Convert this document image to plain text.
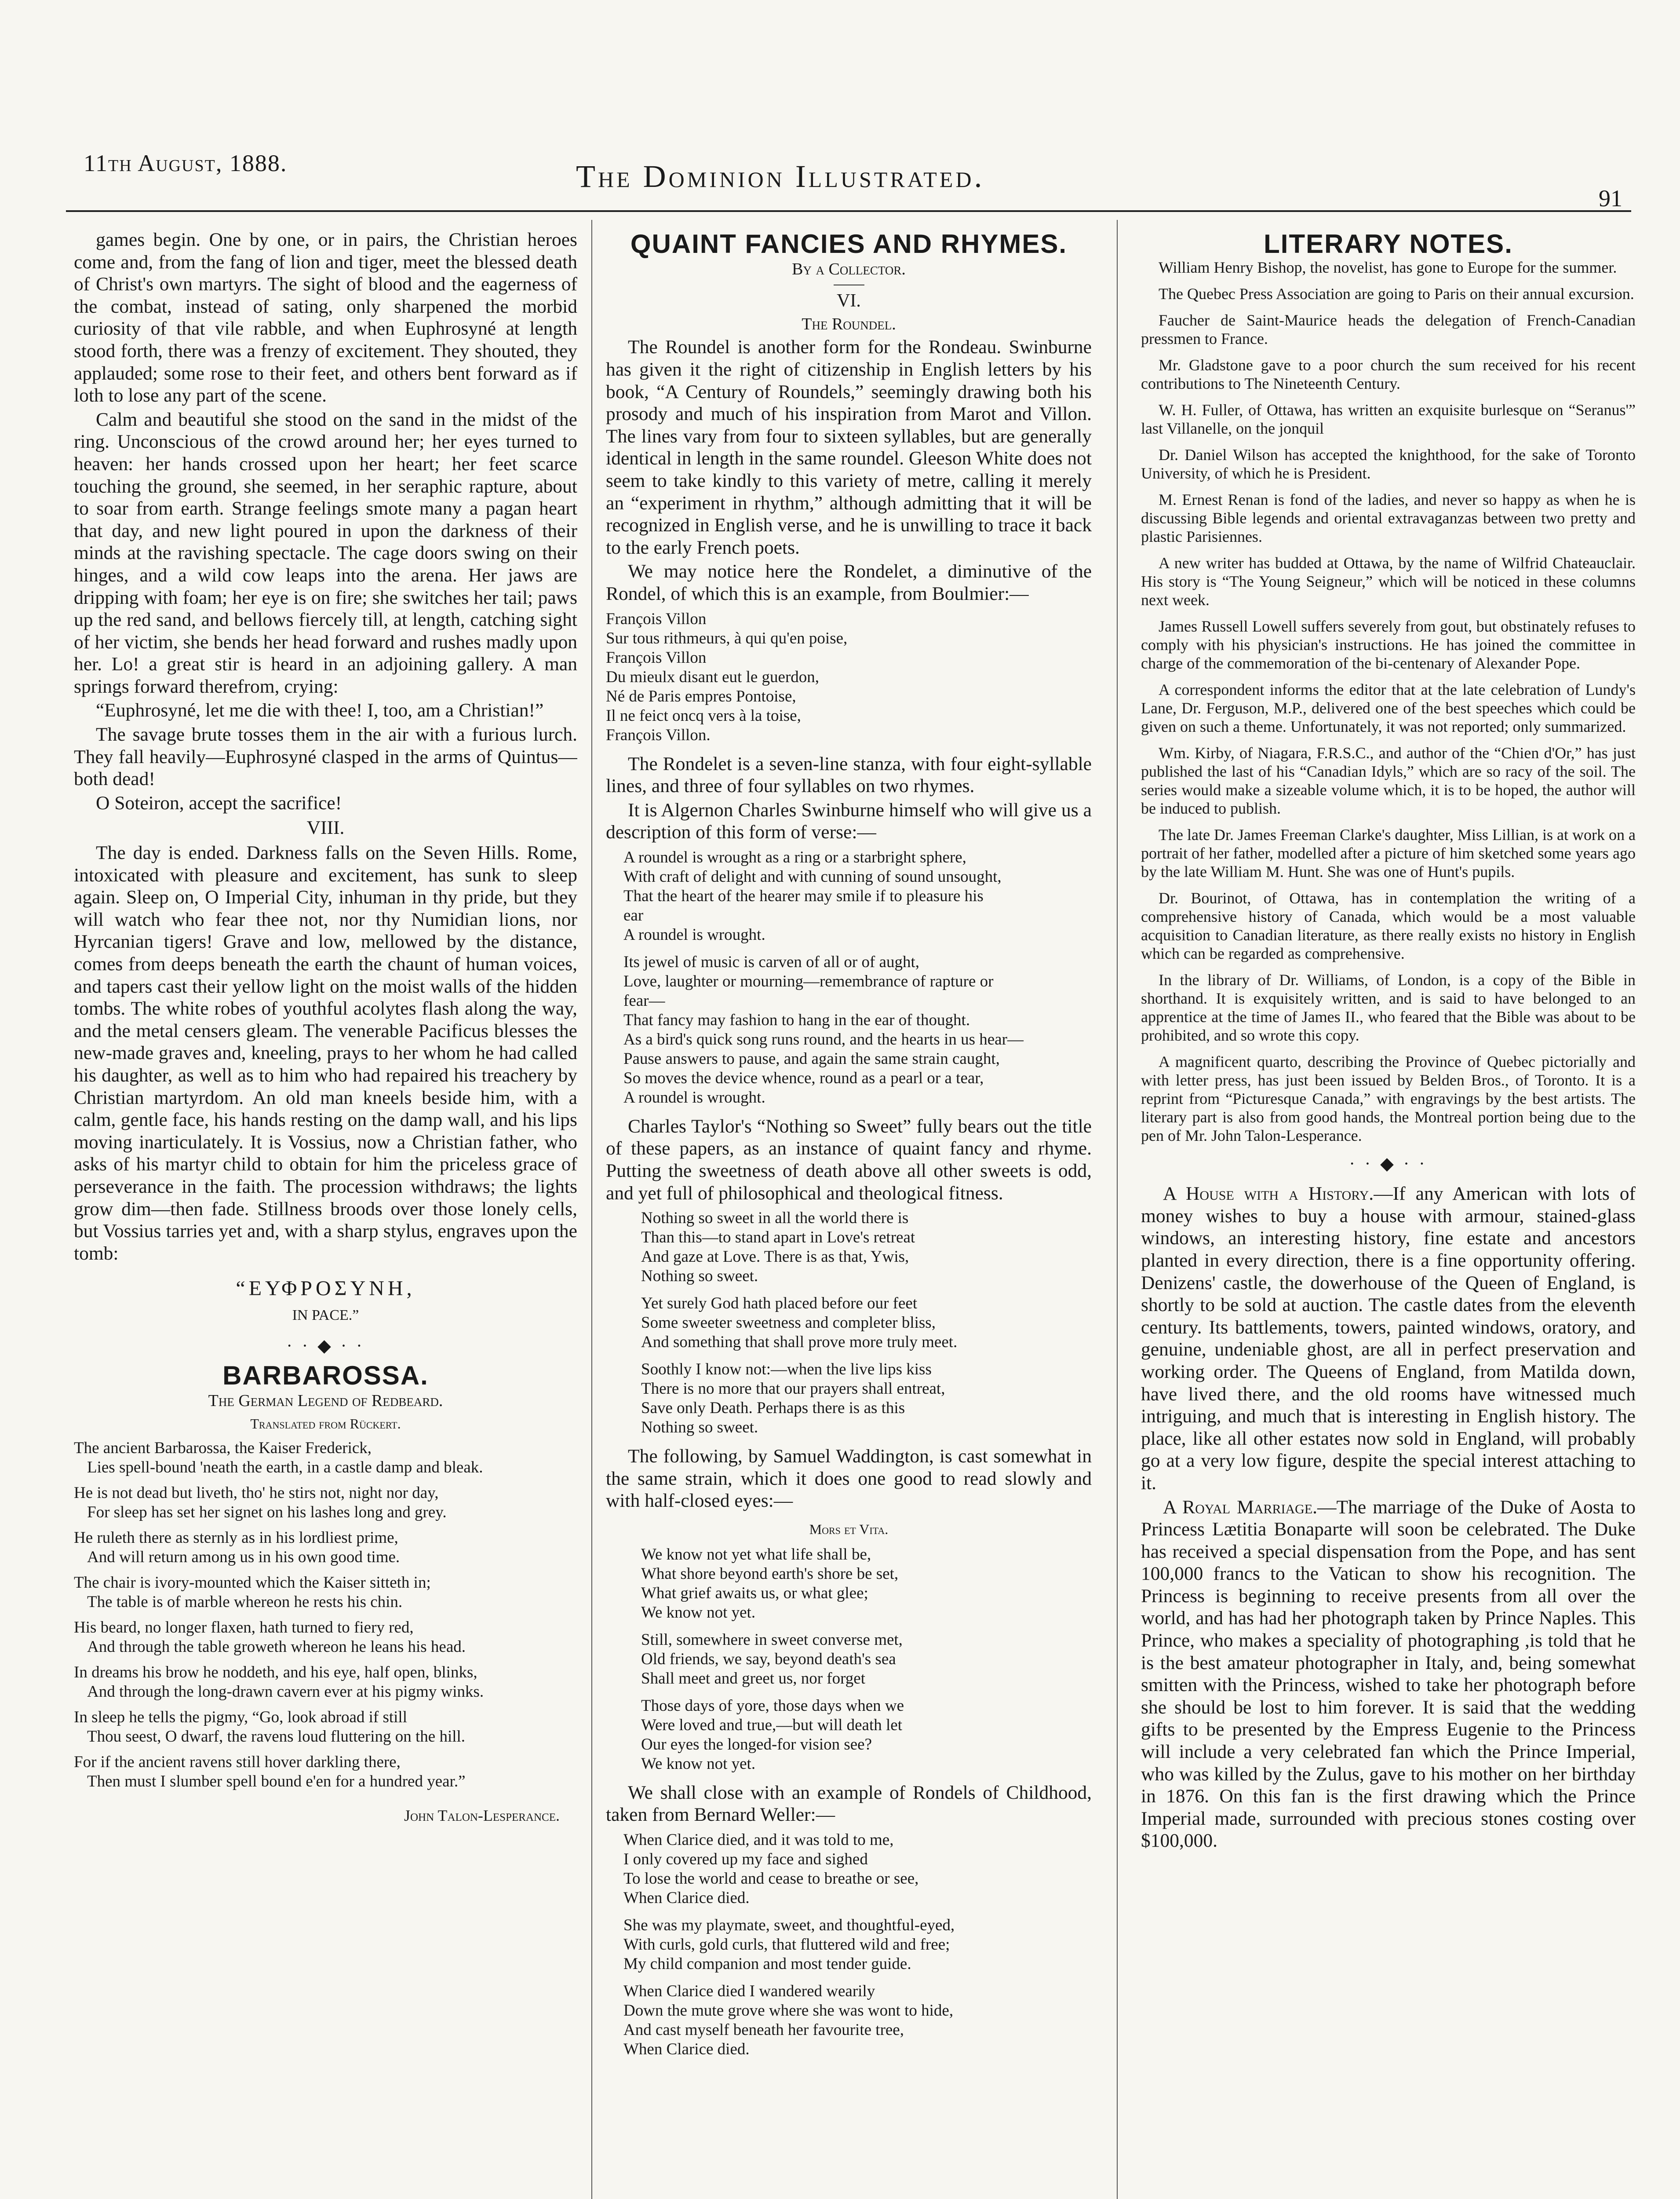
11th August, 1888.	The Dominion Illustrated.
91

games begin. One by one, or in pairs, the Christian heroes come and, from the fang of lion and tiger, meet the blessed death of Christ's own martyrs. The sight of blood and the eagerness of the combat, instead of sating, only sharpened the morbid curiosity of that vile rabble, and when Euphrosyné at length stood forth, there was a frenzy of excitement. They shouted, they applauded; some rose to their feet, and others bent forward as if loth to lose any part of the scene.

Calm and beautiful she stood on the sand in the midst of the ring. Unconscious of the crowd around her; her eyes turned to heaven: her hands crossed upon her heart; her feet scarce touching the ground, she seemed, in her seraphic rapture, about to soar from earth. Strange feelings smote many a pagan heart that day, and new light poured in upon the darkness of their minds at the ravishing spectacle. The cage doors swing on their hinges, and a wild cow leaps into the arena. Her jaws are dripping with foam; her eye is on fire; she switches her tail; paws up the red sand, and bellows fiercely till, at length, catching sight of her victim, she bends her head forward and rushes madly upon her. Lo! a great stir is heard in an adjoining gallery. A man springs forward therefrom, crying:

“Euphrosyné, let me die with thee! I, too, am a Christian!”

The savage brute tosses them in the air with a furious lurch. They fall heavily—Euphrosyné clasped in the arms of Quintus—both dead!

O Soteiron, accept the sacrifice!

VIII.

The day is ended. Darkness falls on the Seven Hills. Rome, intoxicated with pleasure and excitement, has sunk to sleep again. Sleep on, O Imperial City, inhuman in thy pride, but they will watch who fear thee not, nor thy Numidian lions, nor Hyrcanian tigers! Grave and low, mellowed by the distance, comes from deeps beneath the earth the chaunt of human voices, and tapers cast their yellow light on the moist walls of the hidden tombs. The white robes of youthful acolytes flash along the way, and the metal censers gleam. The venerable Pacificus blesses the new-made graves and, kneeling, prays to her whom he had called his daughter, as well as to him who had repaired his treachery by Christian martyrdom. An old man kneels beside him, with a calm, gentle face, his hands resting on the damp wall, and his lips moving inarticulately. It is Vossius, now a Christian father, who asks of his martyr child to obtain for him the priceless grace of perseverance in the faith. The procession withdraws; the lights grow dim—then fade. Stillness broods over those lonely cells, but Vossius tarries yet and, with a sharp stylus, engraves upon the tomb:

“ΕΥΦΡΟΣΥΝΗ,
IN PACE.”
· · ◆ · ·
BARBAROSSA.
The German Legend of Redbeard.
Translated from Rückert.
The ancient Barbarossa, the Kaiser Frederick,
Lies spell-bound 'neath the earth, in a castle damp and bleak.
He is not dead but liveth, tho' he stirs not, night nor day,
For sleep has set her signet on his lashes long and grey.
He ruleth there as sternly as in his lordliest prime,
And will return among us in his own good time.
The chair is ivory-mounted which the Kaiser sitteth in;
The table is of marble whereon he rests his chin.
His beard, no longer flaxen, hath turned to fiery red,
And through the table groweth whereon he leans his head.
In dreams his brow he noddeth, and his eye, half open, blinks,
And through the long-drawn cavern ever at his pigmy winks.
In sleep he tells the pigmy, “Go, look abroad if still
Thou seest, O dwarf, the ravens loud fluttering on the hill.
For if the ancient ravens still hover darkling there,
Then must I slumber spell bound e'en for a hundred year.”
John Talon-Lesperance.
QUAINT FANCIES AND RHYMES.
By a Collector.
VI.
The Roundel.

The Roundel is another form for the Rondeau. Swinburne has given it the right of citizenship in English letters by his book, “A Century of Roundels,” seemingly drawing both his prosody and much of his inspiration from Marot and Villon. The lines vary from four to sixteen syllables, but are generally identical in length in the same roundel. Gleeson White does not seem to take kindly to this variety of metre, calling it merely an “experiment in rhythm,” although admitting that it will be recognized in English verse, and he is unwilling to trace it back to the early French poets.

We may notice here the Rondelet, a diminutive of the Rondel, of which this is an example, from Boulmier:—

François Villon
Sur tous rithmeurs, à qui qu'en poise,
François Villon
Du mieulx disant eut le guerdon,
Né de Paris empres Pontoise,
Il ne feict oncq vers à la toise,
François Villon.

The Rondelet is a seven-line stanza, with four eight-syllable lines, and three of four syllables on two rhymes.

It is Algernon Charles Swinburne himself who will give us a description of this form of verse:—

A roundel is wrought as a ring or a starbright sphere,
With craft of delight and with cunning of sound unsought,
That the heart of the hearer may smile if to pleasure his
ear
A roundel is wrought.
Its jewel of music is carven of all or of aught,
Love, laughter or mourning—remembrance of rapture or
fear—
That fancy may fashion to hang in the ear of thought.
As a bird's quick song runs round, and the hearts in us hear—
Pause answers to pause, and again the same strain caught,
So moves the device whence, round as a pearl or a tear,
A roundel is wrought.

Charles Taylor's “Nothing so Sweet” fully bears out the title of these papers, as an instance of quaint fancy and rhyme. Putting the sweetness of death above all other sweets is odd, and yet full of philosophical and theological fitness.

Nothing so sweet in all the world there is
Than this—to stand apart in Love's retreat
And gaze at Love. There is as that, Ywis,
Nothing so sweet.
Yet surely God hath placed before our feet
Some sweeter sweetness and completer bliss,
And something that shall prove more truly meet.
Soothly I know not:—when the live lips kiss
There is no more that our prayers shall entreat,
Save only Death. Perhaps there is as this
Nothing so sweet.

The following, by Samuel Waddington, is cast somewhat in the same strain, which it does one good to read slowly and with half-closed eyes:—

Mors et Vita.
We know not yet what life shall be,
What shore beyond earth's shore be set,
What grief awaits us, or what glee;
We know not yet.
Still, somewhere in sweet converse met,
Old friends, we say, beyond death's sea
Shall meet and greet us, nor forget
Those days of yore, those days when we
Were loved and true,—but will death let
Our eyes the longed-for vision see?
We know not yet.

We shall close with an example of Rondels of Childhood, taken from Bernard Weller:—

When Clarice died, and it was told to me,
I only covered up my face and sighed
To lose the world and cease to breathe or see,
When Clarice died.
She was my playmate, sweet, and thoughtful-eyed,
With curls, gold curls, that fluttered wild and free;
My child companion and most tender guide.
When Clarice died I wandered wearily
Down the mute grove where she was wont to hide,
And cast myself beneath her favourite tree,
When Clarice died.
LITERARY NOTES.

William Henry Bishop, the novelist, has gone to Europe for the summer.

The Quebec Press Association are going to Paris on their annual excursion.

Faucher de Saint-Maurice heads the delegation of French-Canadian pressmen to France.

Mr. Gladstone gave to a poor church the sum received for his recent contributions to The Nineteenth Century.

W. H. Fuller, of Ottawa, has written an exquisite burlesque on “Seranus'” last Villanelle, on the jonquil

Dr. Daniel Wilson has accepted the knighthood, for the sake of Toronto University, of which he is President.

M. Ernest Renan is fond of the ladies, and never so happy as when he is discussing Bible legends and oriental extravaganzas between two pretty and plastic Parisiennes.

A new writer has budded at Ottawa, by the name of Wilfrid Chateauclair. His story is “The Young Seigneur,” which will be noticed in these columns next week.

James Russell Lowell suffers severely from gout, but obstinately refuses to comply with his physician's instructions. He has joined the committee in charge of the commemoration of the bi-centenary of Alexander Pope.

A correspondent informs the editor that at the late celebration of Lundy's Lane, Dr. Ferguson, M.P., delivered one of the best speeches which could be given on such a theme. Unfortunately, it was not reported; only summarized.

Wm. Kirby, of Niagara, F.R.S.C., and author of the “Chien d'Or,” has just published the last of his “Canadian Idyls,” which are so racy of the soil. The series would make a sizeable volume which, it is to be hoped, the author will be induced to publish.

The late Dr. James Freeman Clarke's daughter, Miss Lillian, is at work on a portrait of her father, modelled after a picture of him sketched some years ago by the late William M. Hunt. She was one of Hunt's pupils.

Dr. Bourinot, of Ottawa, has in contemplation the writing of a comprehensive history of Canada, which would be a most valuable acquisition to Canadian literature, as there really exists no history in English which can be regarded as comprehensive.

In the library of Dr. Williams, of London, is a copy of the Bible in shorthand. It is exquisitely written, and is said to have belonged to an apprentice at the time of James II., who feared that the Bible was about to be prohibited, and so wrote this copy.

A magnificent quarto, describing the Province of Quebec pictorially and with letter press, has just been issued by Belden Bros., of Toronto. It is a reprint from “Picturesque Canada,” with engravings by the best artists. The literary part is also from good hands, the Montreal portion being due to the pen of Mr. John Talon-Lesperance.

· · ◆ · ·

A House with a History.—If any American with lots of money wishes to buy a house with armour, stained-glass windows, an interesting history, fine estate and ancestors planted in every direction, there is a fine opportunity offering. Denizens' castle, the dowerhouse of the Queen of England, is shortly to be sold at auction. The castle dates from the eleventh century. Its battlements, towers, painted windows, oratory, and genuine, undeniable ghost, are all in perfect preservation and working order. The Queens of England, from Matilda down, have lived there, and the old rooms have witnessed much intriguing, and much that is interesting in English history. The place, like all other estates now sold in England, will probably go at a very low figure, despite the special interest attaching to it.

A Royal Marriage.—The marriage of the Duke of Aosta to Princess Lætitia Bonaparte will soon be celebrated. The Duke has received a special dispensation from the Pope, and has sent 100,000 francs to the Vatican to show his recognition. The Princess is beginning to receive presents from all over the world, and has had her photograph taken by Prince Naples. This Prince, who makes a speciality of photographing ,is told that he is the best amateur photographer in Italy, and, being somewhat smitten with the Princess, wished to take her photograph before she should be lost to him forever. It is said that the wedding gifts to be presented by the Empress Eugenie to the Princess will include a very celebrated fan which the Prince Imperial, who was killed by the Zulus, gave to his mother on her birthday in 1876. On this fan is the first drawing which the Prince Imperial made, surrounded with precious stones costing over $100,000.
